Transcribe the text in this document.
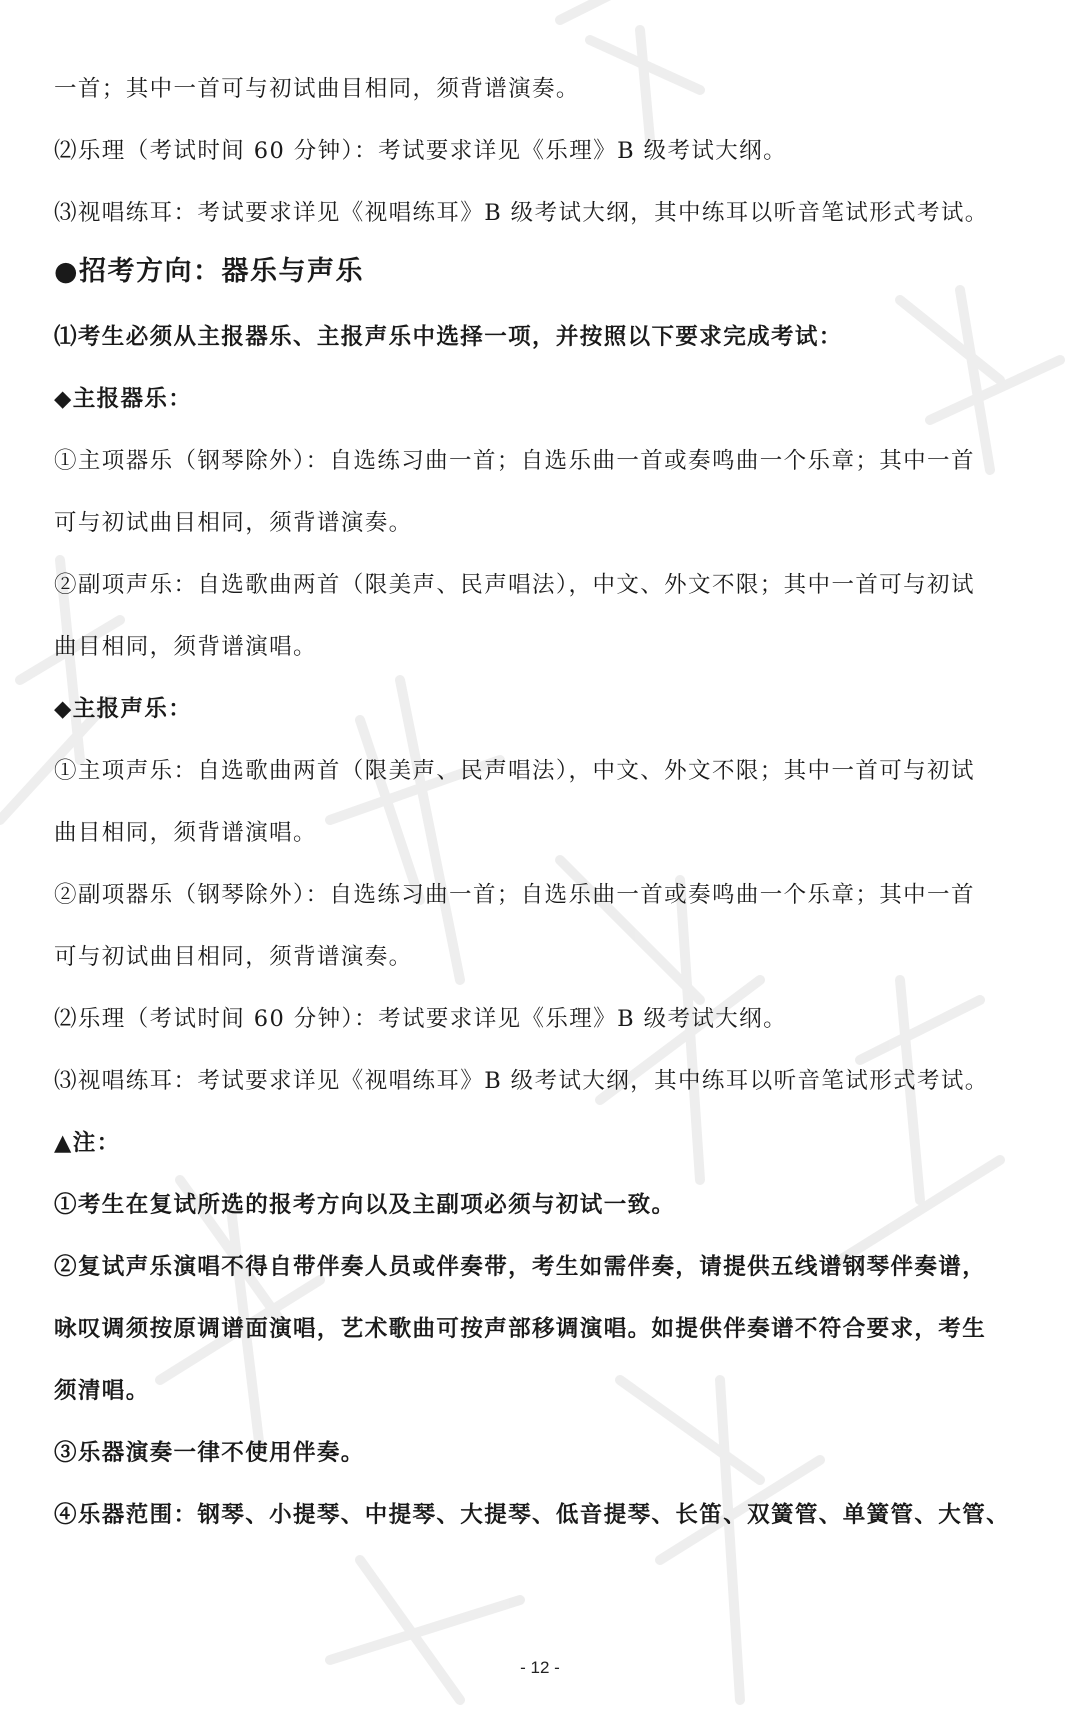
一首；其中一首可与初试曲目相同，须背谱演奏。
⑵乐理（考试时间 60 分钟）：考试要求详见《乐理》B 级考试大纲。
⑶视唱练耳：考试要求详见《视唱练耳》B 级考试大纲，其中练耳以听音笔试形式考试。
●招考方向：器乐与声乐
⑴考生必须从主报器乐、主报声乐中选择一项，并按照以下要求完成考试：
◆主报器乐：
①主项器乐（钢琴除外）：自选练习曲一首；自选乐曲一首或奏鸣曲一个乐章；其中一首
可与初试曲目相同，须背谱演奏。
②副项声乐：自选歌曲两首（限美声、民声唱法），中文、外文不限；其中一首可与初试
曲目相同，须背谱演唱。
◆主报声乐：
①主项声乐：自选歌曲两首（限美声、民声唱法），中文、外文不限；其中一首可与初试
曲目相同，须背谱演唱。
②副项器乐（钢琴除外）：自选练习曲一首；自选乐曲一首或奏鸣曲一个乐章；其中一首
可与初试曲目相同，须背谱演奏。
⑵乐理（考试时间 60 分钟）：考试要求详见《乐理》B 级考试大纲。
⑶视唱练耳：考试要求详见《视唱练耳》B 级考试大纲，其中练耳以听音笔试形式考试。
▲注：
①考生在复试所选的报考方向以及主副项必须与初试一致。
②复试声乐演唱不得自带伴奏人员或伴奏带，考生如需伴奏，请提供五线谱钢琴伴奏谱，
咏叹调须按原调谱面演唱，艺术歌曲可按声部移调演唱。如提供伴奏谱不符合要求，考生
须清唱。
③乐器演奏一律不使用伴奏。
④乐器范围：钢琴、小提琴、中提琴、大提琴、低音提琴、长笛、双簧管、单簧管、大管、
- 12 -
